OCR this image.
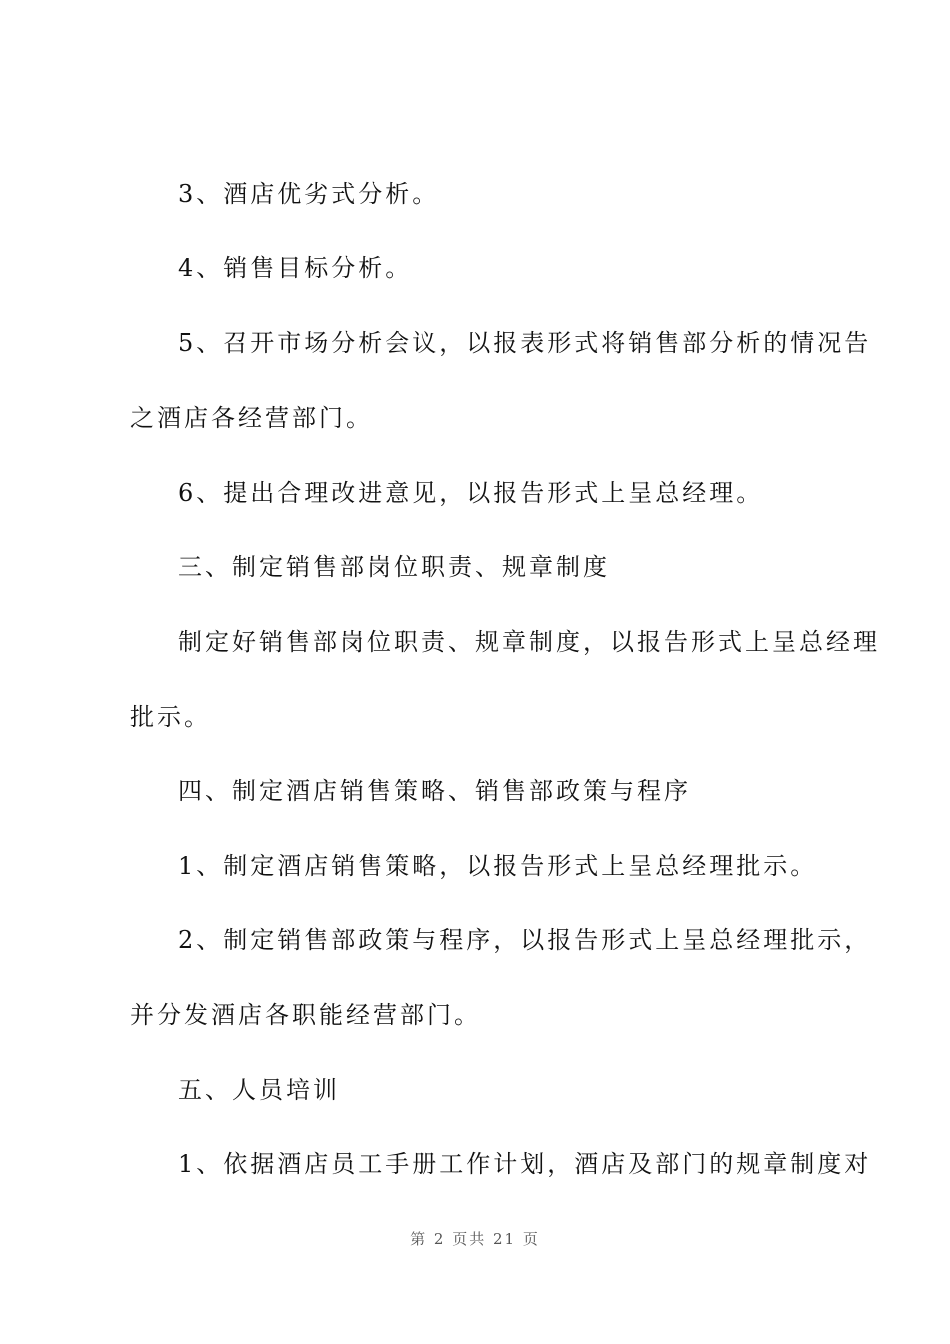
3、酒店优劣式分析。
4、销售目标分析。
5、召开市场分析会议，以报表形式将销售部分析的情况告
之酒店各经营部门。
6、提出合理改进意见，以报告形式上呈总经理。
三、制定销售部岗位职责、规章制度
制定好销售部岗位职责、规章制度，以报告形式上呈总经理
批示。
四、制定酒店销售策略、销售部政策与程序
1、制定酒店销售策略，以报告形式上呈总经理批示。
2、制定销售部政策与程序，以报告形式上呈总经理批示，
并分发酒店各职能经营部门。
五、人员培训
1、依据酒店员工手册工作计划，酒店及部门的规章制度对
第 2 页共 21 页
